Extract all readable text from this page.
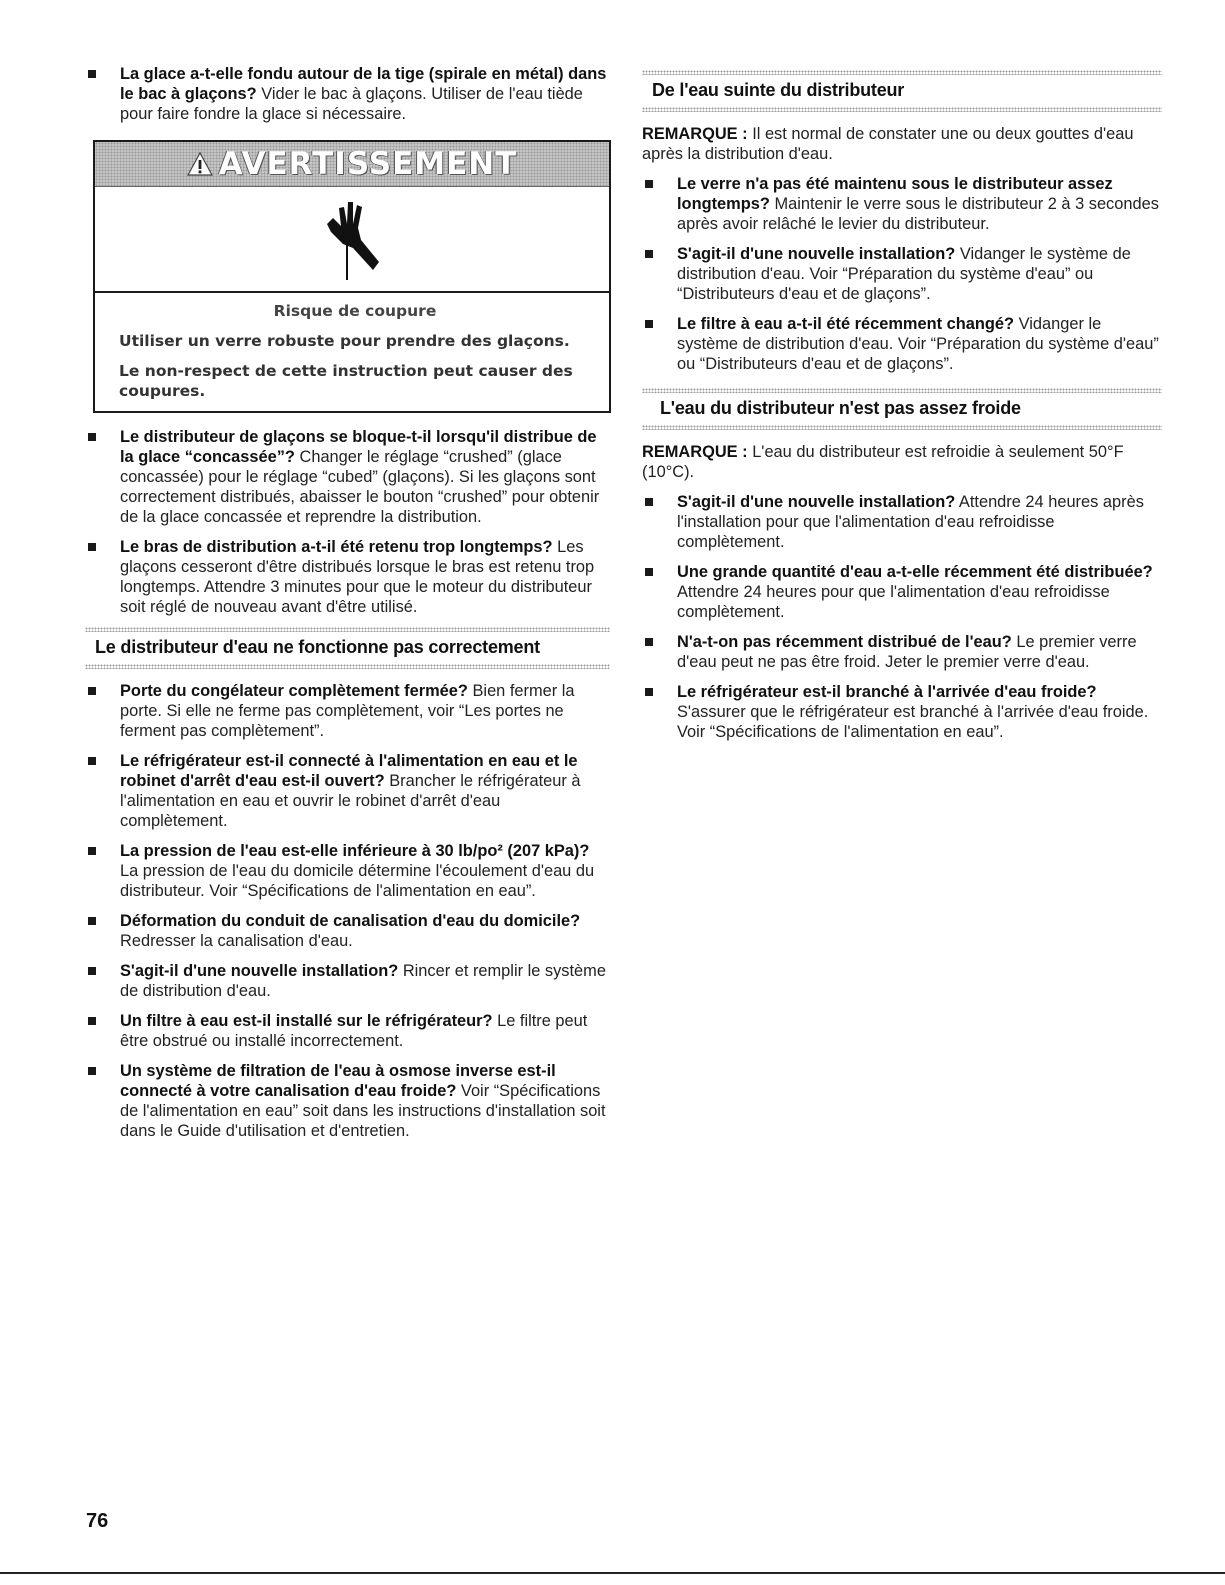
La glace a-t-elle fondu autour de la tige (spirale en métal) dans le bac à glaçons? Vider le bac à glaçons. Utiliser de l'eau tiède pour faire fondre la glace si nécessaire.
AVERTISSEMENT

Risque de coupure

Utiliser un verre robuste pour prendre des glaçons.

Le non-respect de cette instruction peut causer des coupures.

Le distributeur de glaçons se bloque-t-il lorsqu'il distribue de la glace “concassée”? Changer le réglage “crushed” (glace concassée) pour le réglage “cubed” (glaçons). Si les glaçons sont correctement distribués, abaisser le bouton “crushed” pour obtenir de la glace concassée et reprendre la distribution.
Le bras de distribution a-t-il été retenu trop longtemps? Les glaçons cesseront d'être distribués lorsque le bras est retenu trop longtemps. Attendre 3 minutes pour que le moteur du distributeur soit réglé de nouveau avant d'être utilisé.
Le distributeur d'eau ne fonctionne pas correctement
Porte du congélateur complètement fermée? Bien fermer la porte. Si elle ne ferme pas complètement, voir “Les portes ne ferment pas complètement”.
Le réfrigérateur est-il connecté à l'alimentation en eau et le robinet d'arrêt d'eau est-il ouvert? Brancher le réfrigérateur à l'alimentation en eau et ouvrir le robinet d'arrêt d'eau complètement.
La pression de l'eau est-elle inférieure à 30 lb/po² (207 kPa)? La pression de l'eau du domicile détermine l'écoulement d'eau du distributeur. Voir “Spécifications de l'alimentation en eau”.
Déformation du conduit de canalisation d'eau du domicile? Redresser la canalisation d'eau.
S'agit-il d'une nouvelle installation? Rincer et remplir le système de distribution d'eau.
Un filtre à eau est-il installé sur le réfrigérateur? Le filtre peut être obstrué ou installé incorrectement.
Un système de filtration de l'eau à osmose inverse est-il connecté à votre canalisation d'eau froide? Voir “Spécifications de l'alimentation en eau” soit dans les instructions d'installation soit dans le Guide d'utilisation et d'entretien.
De l'eau suinte du distributeur

REMARQUE : Il est normal de constater une ou deux gouttes d'eau après la distribution d'eau.

Le verre n'a pas été maintenu sous le distributeur assez longtemps? Maintenir le verre sous le distributeur 2 à 3 secondes après avoir relâché le levier du distributeur.
S'agit-il d'une nouvelle installation? Vidanger le système de distribution d'eau. Voir “Préparation du système d'eau” ou “Distributeurs d'eau et de glaçons”.
Le filtre à eau a-t-il été récemment changé? Vidanger le système de distribution d'eau. Voir “Préparation du système d'eau” ou “Distributeurs d'eau et de glaçons”.
L'eau du distributeur n'est pas assez froide

REMARQUE : L'eau du distributeur est refroidie à seulement 50°F (10°C).

S'agit-il d'une nouvelle installation? Attendre 24 heures après l'installation pour que l'alimentation d'eau refroidisse complètement.
Une grande quantité d'eau a-t-elle récemment été distribuée? Attendre 24 heures pour que l'alimentation d'eau refroidisse complètement.
N'a-t-on pas récemment distribué de l'eau? Le premier verre d'eau peut ne pas être froid. Jeter le premier verre d'eau.
Le réfrigérateur est-il branché à l'arrivée d'eau froide? S'assurer que le réfrigérateur est branché à l'arrivée d'eau froide. Voir “Spécifications de l'alimentation en eau”.
76
